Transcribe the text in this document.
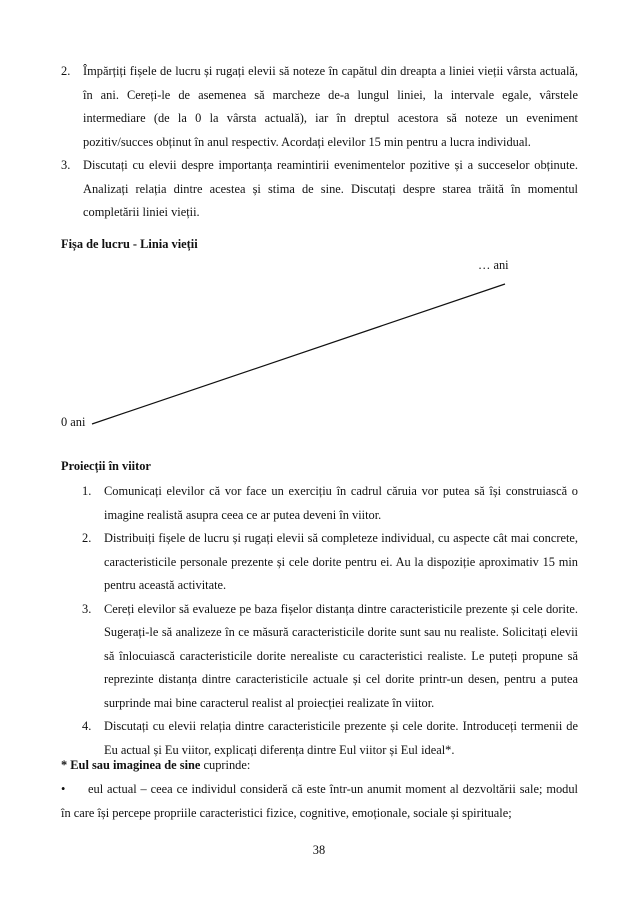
2. Împărțiți fișele de lucru și rugați elevii să noteze în capătul din dreapta a liniei vieții vârsta actuală, în ani. Cereți-le de asemenea să marcheze de-a lungul liniei, la intervale egale, vârstele intermediare (de la 0 la vârsta actuală), iar în dreptul acestora să noteze un eveniment pozitiv/succes obținut în anul respectiv. Acordați elevilor 15 min pentru a lucra individual.
3. Discutați cu elevii despre importanța reamintirii evenimentelor pozitive și a succeselor obținute. Analizați relația dintre acestea și stima de sine. Discutați despre starea trăită în momentul completării liniei vieții.
Fișa de lucru - Linia vieții
… ani
0 ani
Proiecții în viitor
1. Comunicați elevilor că vor face un exercițiu în cadrul căruia vor putea să își construiască o imagine realistă asupra ceea ce ar putea deveni în viitor.
2. Distribuiți fișele de lucru și rugați elevii să completeze individual, cu aspecte cât mai concrete, caracteristicile personale prezente și cele dorite pentru ei. Au la dispoziție aproximativ 15 min pentru această activitate.
3. Cereți elevilor să evalueze pe baza fișelor distanța dintre caracteristicile prezente și cele dorite. Sugerați-le să analizeze în ce măsură caracteristicile dorite sunt sau nu realiste. Solicitați elevii să înlocuiască caracteristicile dorite nerealiste cu caracteristici realiste. Le puteți propune să reprezinte distanța dintre caracteristicile actuale și cel dorite printr-un desen, pentru a putea surprinde mai bine caracterul realist al proiecției realizate în viitor.
4. Discutați cu elevii relația dintre caracteristicile prezente și cele dorite. Introduceți termenii de Eu actual și Eu viitor, explicați diferența dintre Eul viitor și Eul ideal*.
* Eul sau imaginea de sine cuprinde:
• eul actual – ceea ce individul consideră că este într-un anumit moment al dezvoltării sale; modul în care își percepe propriile caracteristici fizice, cognitive, emoționale, sociale și spirituale;
38
